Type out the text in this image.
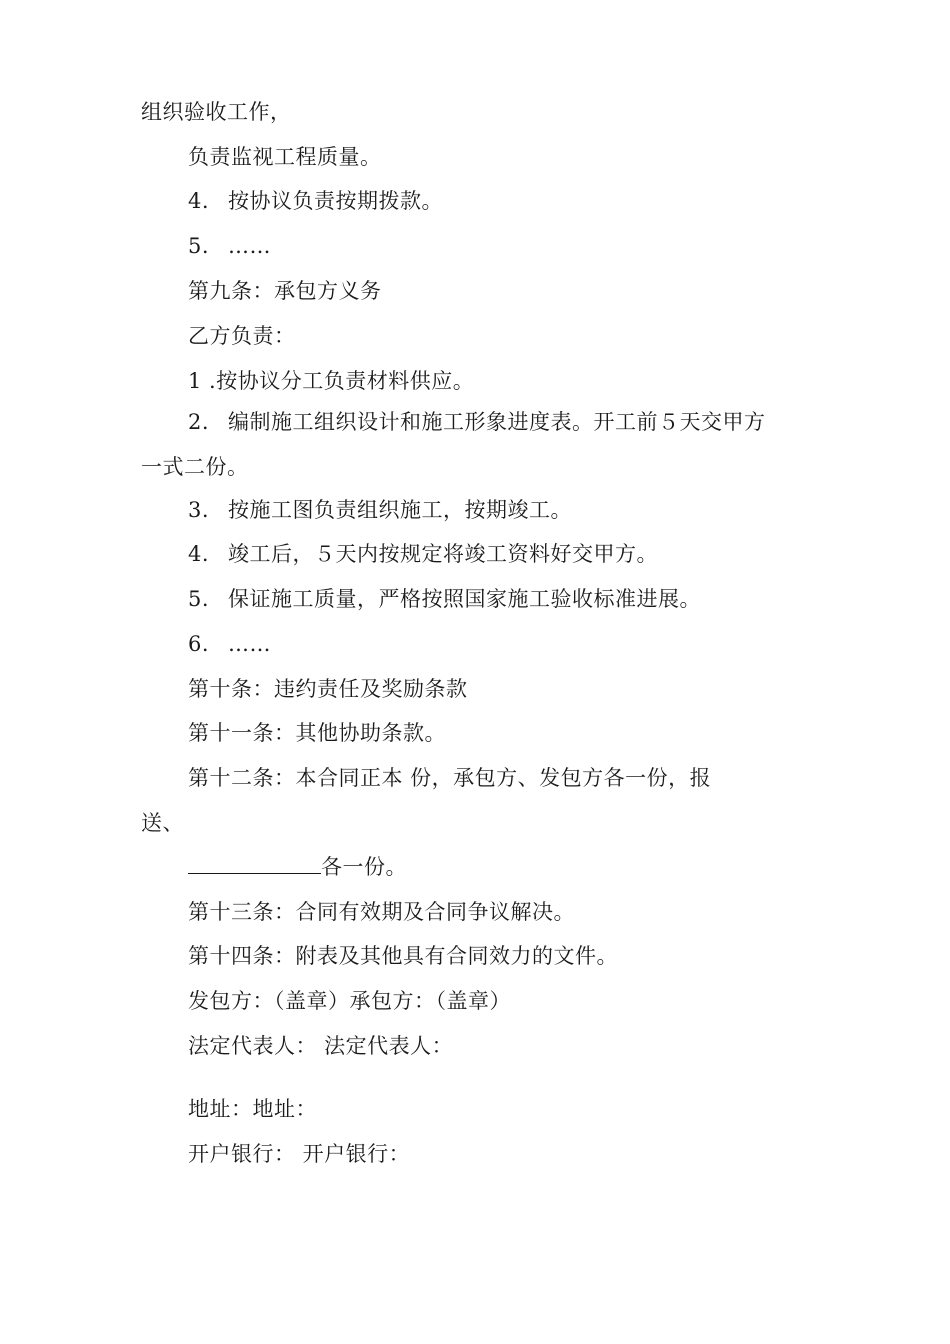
组织验收工作，
负责监视工程质量。
4. 按协议负责按期拨款。
5. ……
第九条：承包方义务
乙方负责：
1 .按协议分工负责材料供应。
2. 编制施工组织设计和施工形象进度表。开工前５天交甲方
一式二份。
3. 按施工图负责组织施工，按期竣工。
4. 竣工后，５天内按规定将竣工资料好交甲方。
5. 保证施工质量，严格按照国家施工验收标准进展。
6. ……
第十条：违约责任及奖励条款
第十一条：其他协助条款。
第十二条：本合同正本 份，承包方、发包方各一份，报
送、
各一份。
第十三条：合同有效期及合同争议解决。
第十四条：附表及其他具有合同效力的文件。
发包方：（盖章）承包方：（盖章）
法定代表人： 法定代表人：
地址：地址：
开户银行： 开户银行：
